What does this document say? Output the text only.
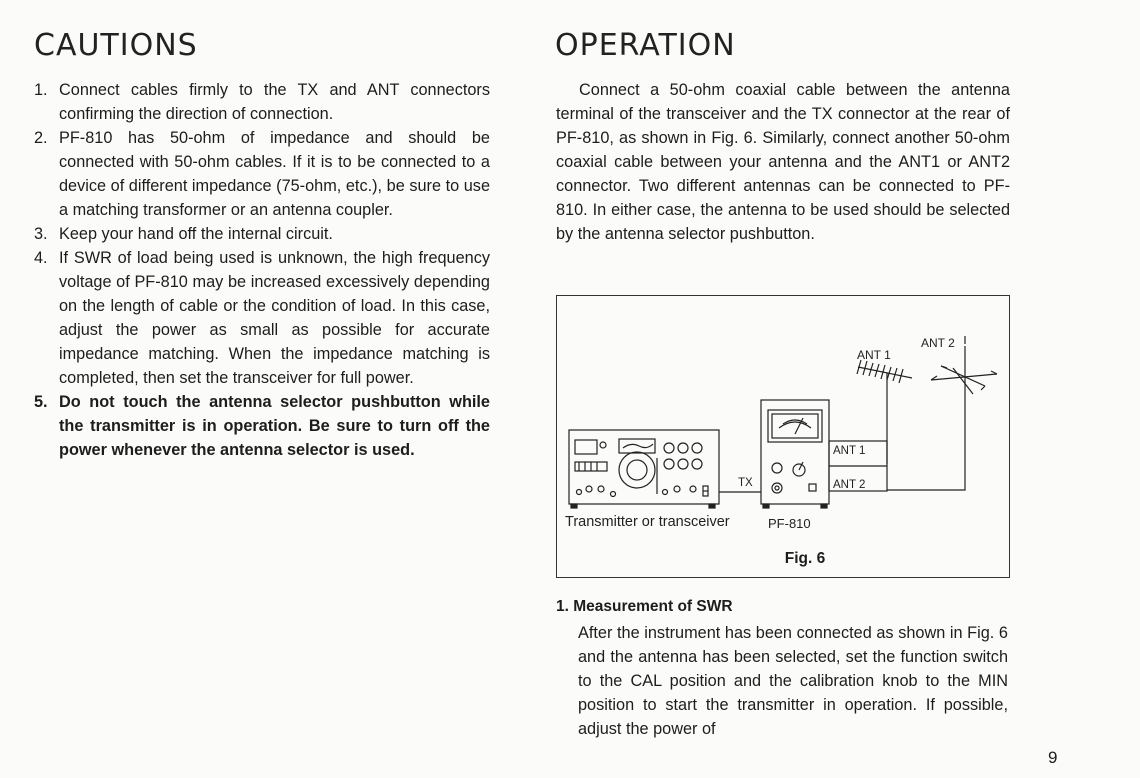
CAUTIONS	OPERATION
1. Connect cables firmly to the TX and ANT connectors confirming the direction of connection.
2. PF-810 has 50-ohm of impedance and should be connected with 50-ohm cables. If it is to be connected to a device of different impedance (75-ohm, etc.), be sure to use a matching transformer or an antenna coupler.
3. Keep your hand off the internal circuit.
4. If SWR of load being used is unknown, the high frequency voltage of PF-810 may be increased excessively depending on the length of cable or the condition of load. In this case, adjust the power as small as possible for accurate impedance matching. When the impedance matching is completed, then set the transceiver for full power.
5. Do not touch the antenna selector pushbutton while the transmitter is in operation. Be sure to turn off the power whenever the antenna selector is used.

Connect a 50-ohm coaxial cable between the antenna terminal of the transceiver and the TX connector at the rear of PF-810, as shown in Fig. 6. Similarly, connect another 50-ohm coaxial cable between your antenna and the ANT1 or ANT2 connector. Two different antennas can be connected to PF-810. In either case, the antenna to be used should be selected by the antenna selector pushbutton.

ANT 1
ANT 2
ANT 1
ANT 2
TX
Transmitter or transceiver	PF-810
Fig. 6
1. Measurement of SWR

After the instrument has been connected as shown in Fig. 6 and the antenna has been selected, set the function switch to the CAL position and the calibration knob to the MIN position to start the transmitter in operation. If possible, adjust the power of

9
